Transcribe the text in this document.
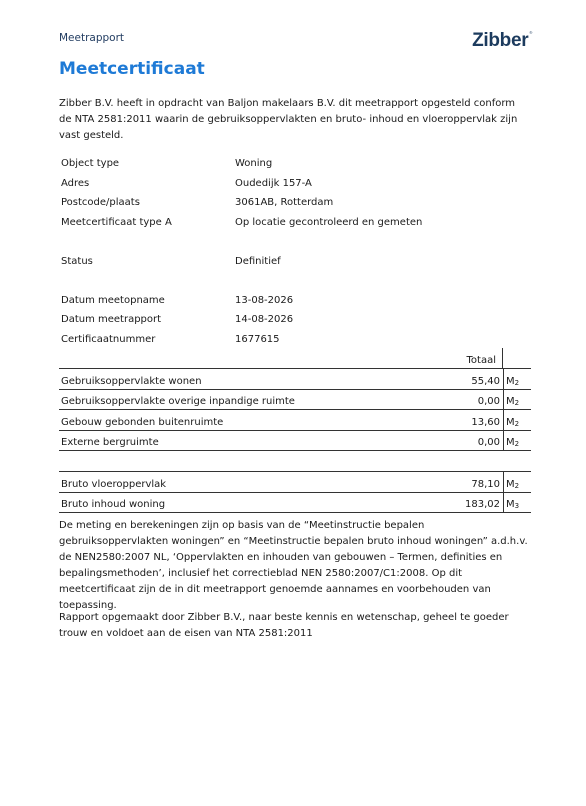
Meetrapport	Zibber®
Meetcertificaat

Zibber B.V. heeft in opdracht van Baljon makelaars B.V. dit meetrapport opgesteld conform de NTA 2581:2011 waarin de gebruiksoppervlakten en bruto- inhoud en vloeroppervlak zijn vast gesteld.

Object type	Woning
Adres	Oudedijk 157-A
Postcode/plaats	3061AB, Rotterdam
Meetcertificaat type A	Op locatie gecontroleerd en gemeten
Status	Definitief
Datum meetopname	13-08-2026
Datum meetrapport	14-08-2026
Certificaatnummer	1677615
Totaal
Gebruiksoppervlakte wonen	55,40 $M^2$
Gebruiksoppervlakte overige inpandige ruimte	0,00 $M^2$
Gebouw gebonden buitenruimte	13,60 $M^2$
Externe bergruimte	0,00 $M^2$
Bruto vloeroppervlak	78,10 $M^2$
Bruto inhoud woning	183,02 $M^3$

De meting en berekeningen zijn op basis van de “Meetinstructie bepalen gebruiksoppervlakten woningen” en “Meetinstructie bepalen bruto inhoud woningen” a.d.h.v. de NEN2580:2007 NL, ‘Oppervlakten en inhouden van gebouwen – Termen, definities en bepalingsmethoden’, inclusief het correctieblad NEN 2580:2007/C1:2008. Op dit meetcertificaat zijn de in dit meetrapport genoemde aannames en voorbehouden van toepassing.

Rapport opgemaakt door Zibber B.V., naar beste kennis en wetenschap, geheel te goeder trouw en voldoet aan de eisen van NTA 2581:2011
